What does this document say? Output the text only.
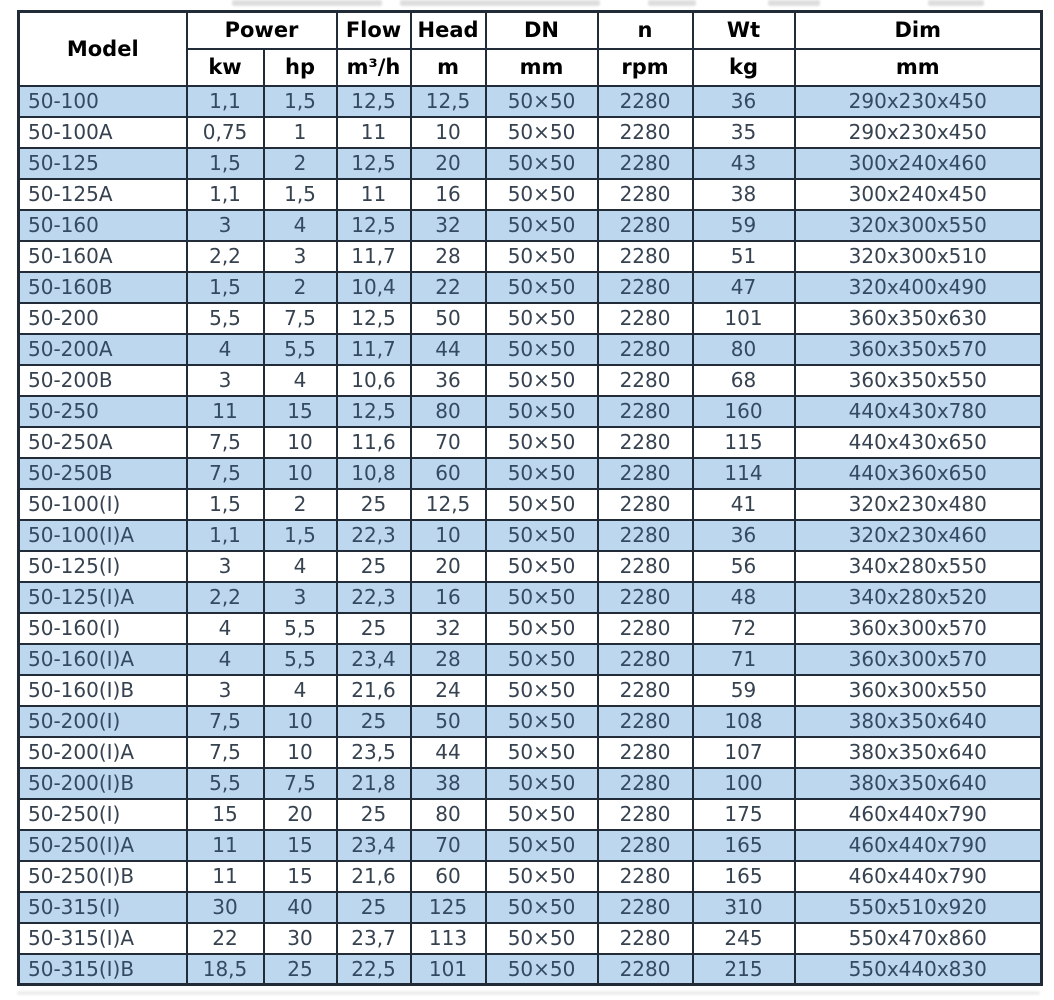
Model	Power		Flow	Head	DN	n	Wt	Dim
	kw	hp	m³/h	m	mm	rpm	kg	mm
50-100	1,1	1,5	12,5	12,5	50×50	2280	36	290x230x450
50-100A	0,75	1	11	10	50×50	2280	35	290x230x450
50-125	1,5	2	12,5	20	50×50	2280	43	300x240x460
50-125A	1,1	1,5	11	16	50×50	2280	38	300x240x450
50-160	3	4	12,5	32	50×50	2280	59	320x300x550
50-160A	2,2	3	11,7	28	50×50	2280	51	320x300x510
50-160B	1,5	2	10,4	22	50×50	2280	47	320x400x490
50-200	5,5	7,5	12,5	50	50×50	2280	101	360x350x630
50-200A	4	5,5	11,7	44	50×50	2280	80	360x350x570
50-200B	3	4	10,6	36	50×50	2280	68	360x350x550
50-250	11	15	12,5	80	50×50	2280	160	440x430x780
50-250A	7,5	10	11,6	70	50×50	2280	115	440x430x650
50-250B	7,5	10	10,8	60	50×50	2280	114	440x360x650
50-100(I)	1,5	2	25	12,5	50×50	2280	41	320x230x480
50-100(I)A	1,1	1,5	22,3	10	50×50	2280	36	320x230x460
50-125(I)	3	4	25	20	50×50	2280	56	340x280x550
50-125(I)A	2,2	3	22,3	16	50×50	2280	48	340x280x520
50-160(I)	4	5,5	25	32	50×50	2280	72	360x300x570
50-160(I)A	4	5,5	23,4	28	50×50	2280	71	360x300x570
50-160(I)B	3	4	21,6	24	50×50	2280	59	360x300x550
50-200(I)	7,5	10	25	50	50×50	2280	108	380x350x640
50-200(I)A	7,5	10	23,5	44	50×50	2280	107	380x350x640
50-200(I)B	5,5	7,5	21,8	38	50×50	2280	100	380x350x640
50-250(I)	15	20	25	80	50×50	2280	175	460x440x790
50-250(I)A	11	15	23,4	70	50×50	2280	165	460x440x790
50-250(I)B	11	15	21,6	60	50×50	2280	165	460x440x790
50-315(I)	30	40	25	125	50×50	2280	310	550x510x920
50-315(I)A	22	30	23,7	113	50×50	2280	245	550x470x860
50-315(I)B	18,5	25	22,5	101	50×50	2280	215	550x440x830
